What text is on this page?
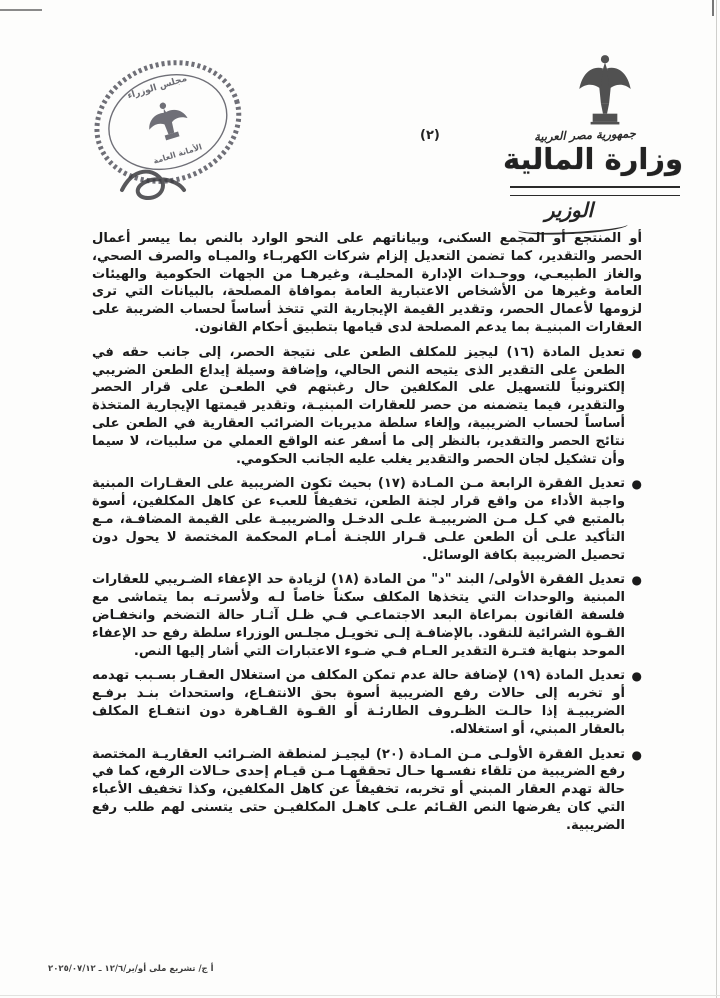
مجلس الوزراء
الأمانة العامة
جمهورية مصر العربية
وزارة المالية
الوزير
(٢)

أو المنتجع أو المجمع السكنى، وبياناتهم على النحو الوارد بالنص بما ييسر أعمال الحصر والتقدير، كما تضمن التعديل إلزام شركات الكهربـاء والميـاه والصرف الصحي، والغاز الطبيعـي، ووحـدات الإدارة المحليـة، وغيرهـا من الجهات الحكومية والهيئات العامة وغيرها من الأشخاص الاعتبارية العامة بموافاة المصلحة، بالبيانات التي ترى لزومها لأعمال الحصر، وتقدير القيمة الإيجارية التي تتخذ أساساً لحساب الضريبة على العقارات المبنيـة بما يدعم المصلحة لدى قيامها بتطبيق أحكام القانون.

●
تعديل المادة (١٦) ليجيز للمكلف الطعن على نتيجة الحصر، إلى جانب حقه في الطعن على التقدير الذى يتيحه النص الحالي، وإضافة وسيلة إيداع الطعن الضريبي إلكترونياً للتسهيل على المكلفين حال رغبتهم في الطعـن على قرار الحصر والتقدير، فيما يتضمنه من حصر للعقارات المبنيـة، وتقدير قيمتها الإيجارية المتخذة أساساً لحساب الضريبية، وإلغاء سلطة مديريات الضرائب العقارية في الطعن على نتائج الحصر والتقدير، بالنظر إلى ما أسفر عنه الواقع العملي من سلبيات، لا سيما وأن تشكيل لجان الحصر والتقدير يغلب عليه الجانب الحكومي.
●
تعديل الفقرة الرابعة مـن المـادة (١٧) بحيث تكون الضريبية على العقـارات المبنية واجبة الأداء من واقع قرار لجنة الطعن، تخفيفاً للعبء عن كاهل المكلفين، أسوة بالمتبع في كـل مـن الضريبيـة علـى الدخـل والضريبيـة على القيمة المضافـة، مـع التأكيد علـى أن الطعن علـى قـرار اللجنـة أمـام المحكمة المختصة لا يحول دون تحصيل الضريبية بكافة الوسائل.
●
تعديل الفقرة الأولى/ البند "د" من المادة (١٨) لزيادة حد الإعفاء الضـريبي للعقارات المبنية والوحدات التي يتخذها المكلف سكناً خاصاً لـه ولأسرتـه بما يتماشى مع فلسفة القانون بمراعاة البعد الاجتماعـي فـي ظـل آثـار حالة التضخم وانخفـاض القـوة الشرائية للنقود. بالإضافـة إلـى تخويـل مجلـس الوزراء سلطة رفع حد الإعفاء الموحد بنهاية فتـرة التقدير العـام فـي ضـوء الاعتبارات التي أشار إليها النص.
●
تعديل المادة (١٩) لإضافة حالة عدم تمكن المكلف من استغلال العقـار بسـبب تهدمه أو تخربه إلى حالات رفع الضريبية أسوة بحق الانتفـاع، واستحداث بنـد برفـع الضريبيـة إذا حالـت الظـروف الطارئـة أو القـوة القـاهرة دون انتفـاع المكلف بالعقار المبني، أو استغلاله.
●
تعديل الفقرة الأولـى مـن المـادة (٢٠) ليجيـز لمنطقة الضـرائب العقاريـة المختصة رفع الضريبية من تلقاء نفسـها حـال تحققهـا مـن قيـام إحدى حـالات الرفع، كما في حالة تهدم العقار المبني أو تخربه، تخفيفاً عن كاهل المكلفين، وكذا تخفيف الأعباء التي كان يفرضها النص القـائم علـى كاهـل المكلفيـن حتى يتسنى لهم طلب رفع الضريبية.
أ ج/ تشريع ملى أو/ير/١٢/٦ ـ ٢٠٢٥/٠٧/١٢
